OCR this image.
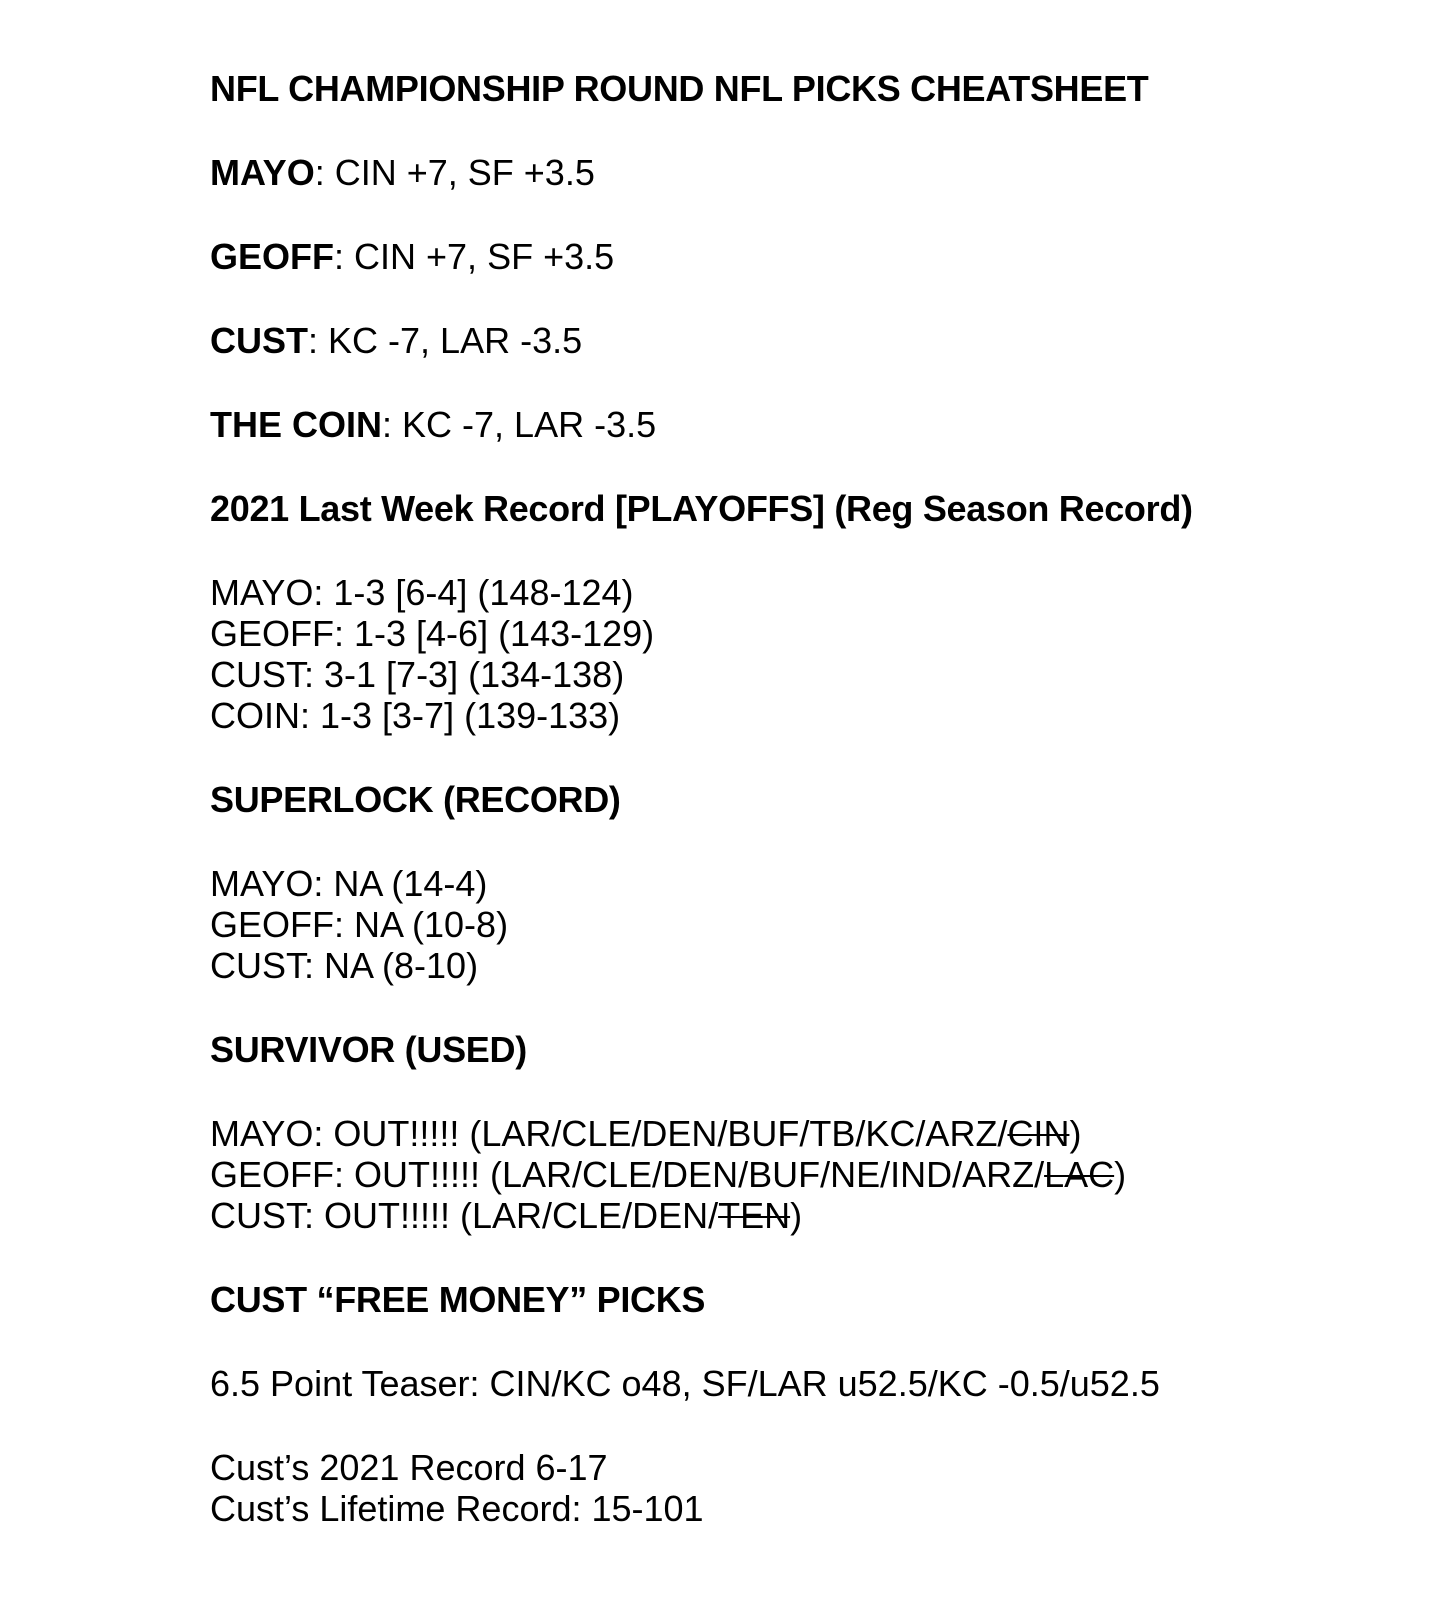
NFL CHAMPIONSHIP ROUND NFL PICKS CHEATSHEET

MAYO: CIN +7, SF +3.5

GEOFF: CIN +7, SF +3.5

CUST: KC -7, LAR -3.5

THE COIN: KC -7, LAR -3.5

2021 Last Week Record [PLAYOFFS] (Reg Season Record)

MAYO: 1-3 [6-4] (148-124)

GEOFF: 1-3 [4-6] (143-129)

CUST: 3-1 [7-3] (134-138)

COIN: 1-3 [3-7] (139-133)

SUPERLOCK (RECORD)

MAYO: NA (14-4)

GEOFF: NA (10-8)

CUST: NA (8-10)

SURVIVOR (USED)

MAYO: OUT!!!!! (LAR/CLE/DEN/BUF/TB/KC/ARZ/CIN)

GEOFF: OUT!!!!! (LAR/CLE/DEN/BUF/NE/IND/ARZ/LAC)

CUST: OUT!!!!! (LAR/CLE/DEN/TEN)

CUST “FREE MONEY” PICKS

6.5 Point Teaser: CIN/KC o48, SF/LAR u52.5/KC -0.5/u52.5

Cust’s 2021 Record 6-17

Cust’s Lifetime Record: 15-101
